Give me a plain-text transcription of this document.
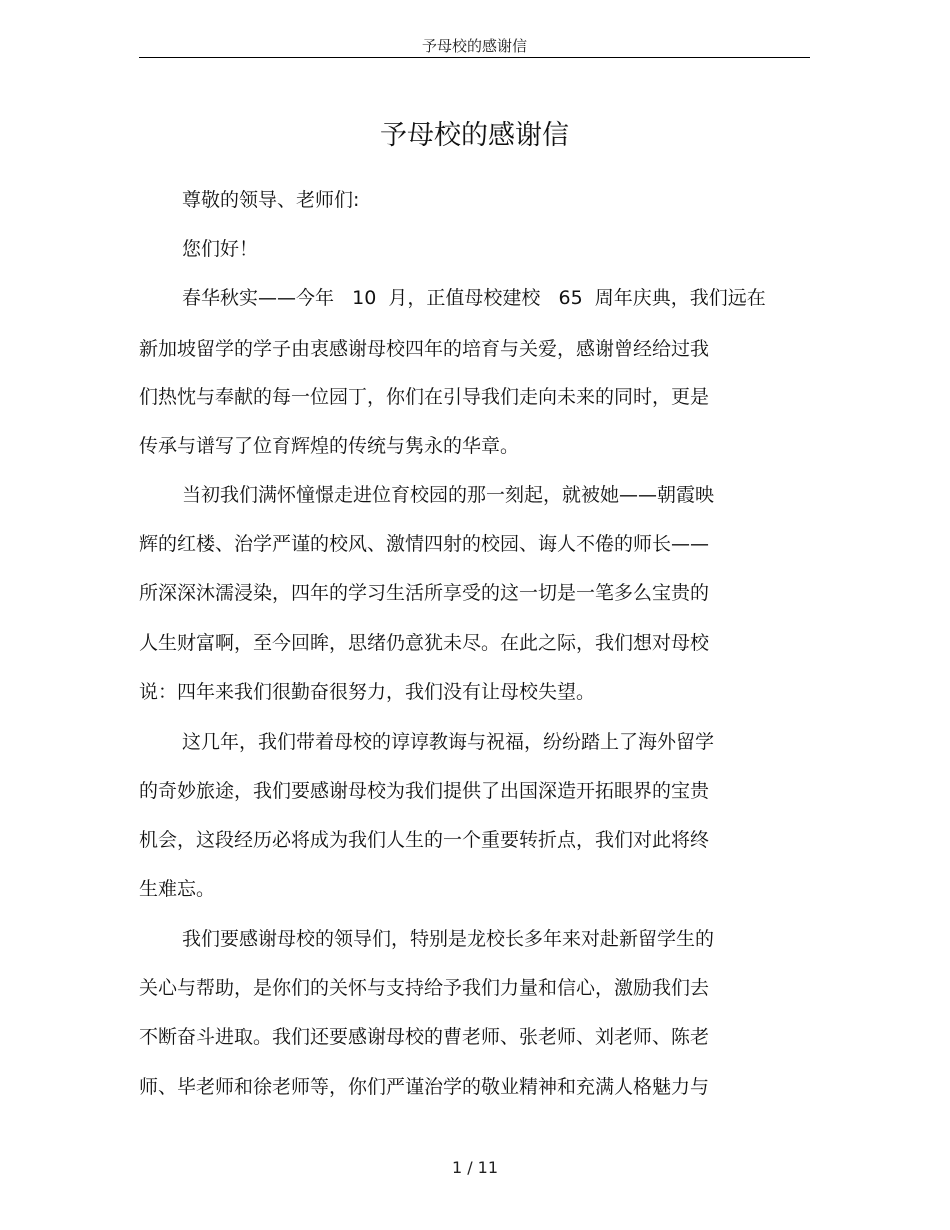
予母校的感谢信
予母校的感谢信
尊敬的领导、老师们:
您们好！
春华秋实——今年   10  月，正值母校建校   65  周年庆典，我们远在
新加坡留学的学子由衷感谢母校四年的培育与关爱，感谢曾经给过我
们热忱与奉献的每一位园丁，你们在引导我们走向未来的同时，更是
传承与谱写了位育辉煌的传统与隽永的华章。
当初我们满怀憧憬走进位育校园的那一刻起，就被她——朝霞映
辉的红楼、治学严谨的校风、激情四射的校园、诲人不倦的师长——
所深深沐濡浸染，四年的学习生活所享受的这一切是一笔多么宝贵的
人生财富啊，至今回眸，思绪仍意犹未尽。在此之际，我们想对母校
说：四年来我们很勤奋很努力，我们没有让母校失望。
这几年，我们带着母校的谆谆教诲与祝福，纷纷踏上了海外留学
的奇妙旅途，我们要感谢母校为我们提供了出国深造开拓眼界的宝贵
机会，这段经历必将成为我们人生的一个重要转折点，我们对此将终
生难忘。
我们要感谢母校的领导们，特别是龙校长多年来对赴新留学生的
关心与帮助，是你们的关怀与支持给予我们力量和信心，激励我们去
不断奋斗进取。我们还要感谢母校的曹老师、张老师、刘老师、陈老
师、毕老师和徐老师等，你们严谨治学的敬业精神和充满人格魅力与
1 / 11
